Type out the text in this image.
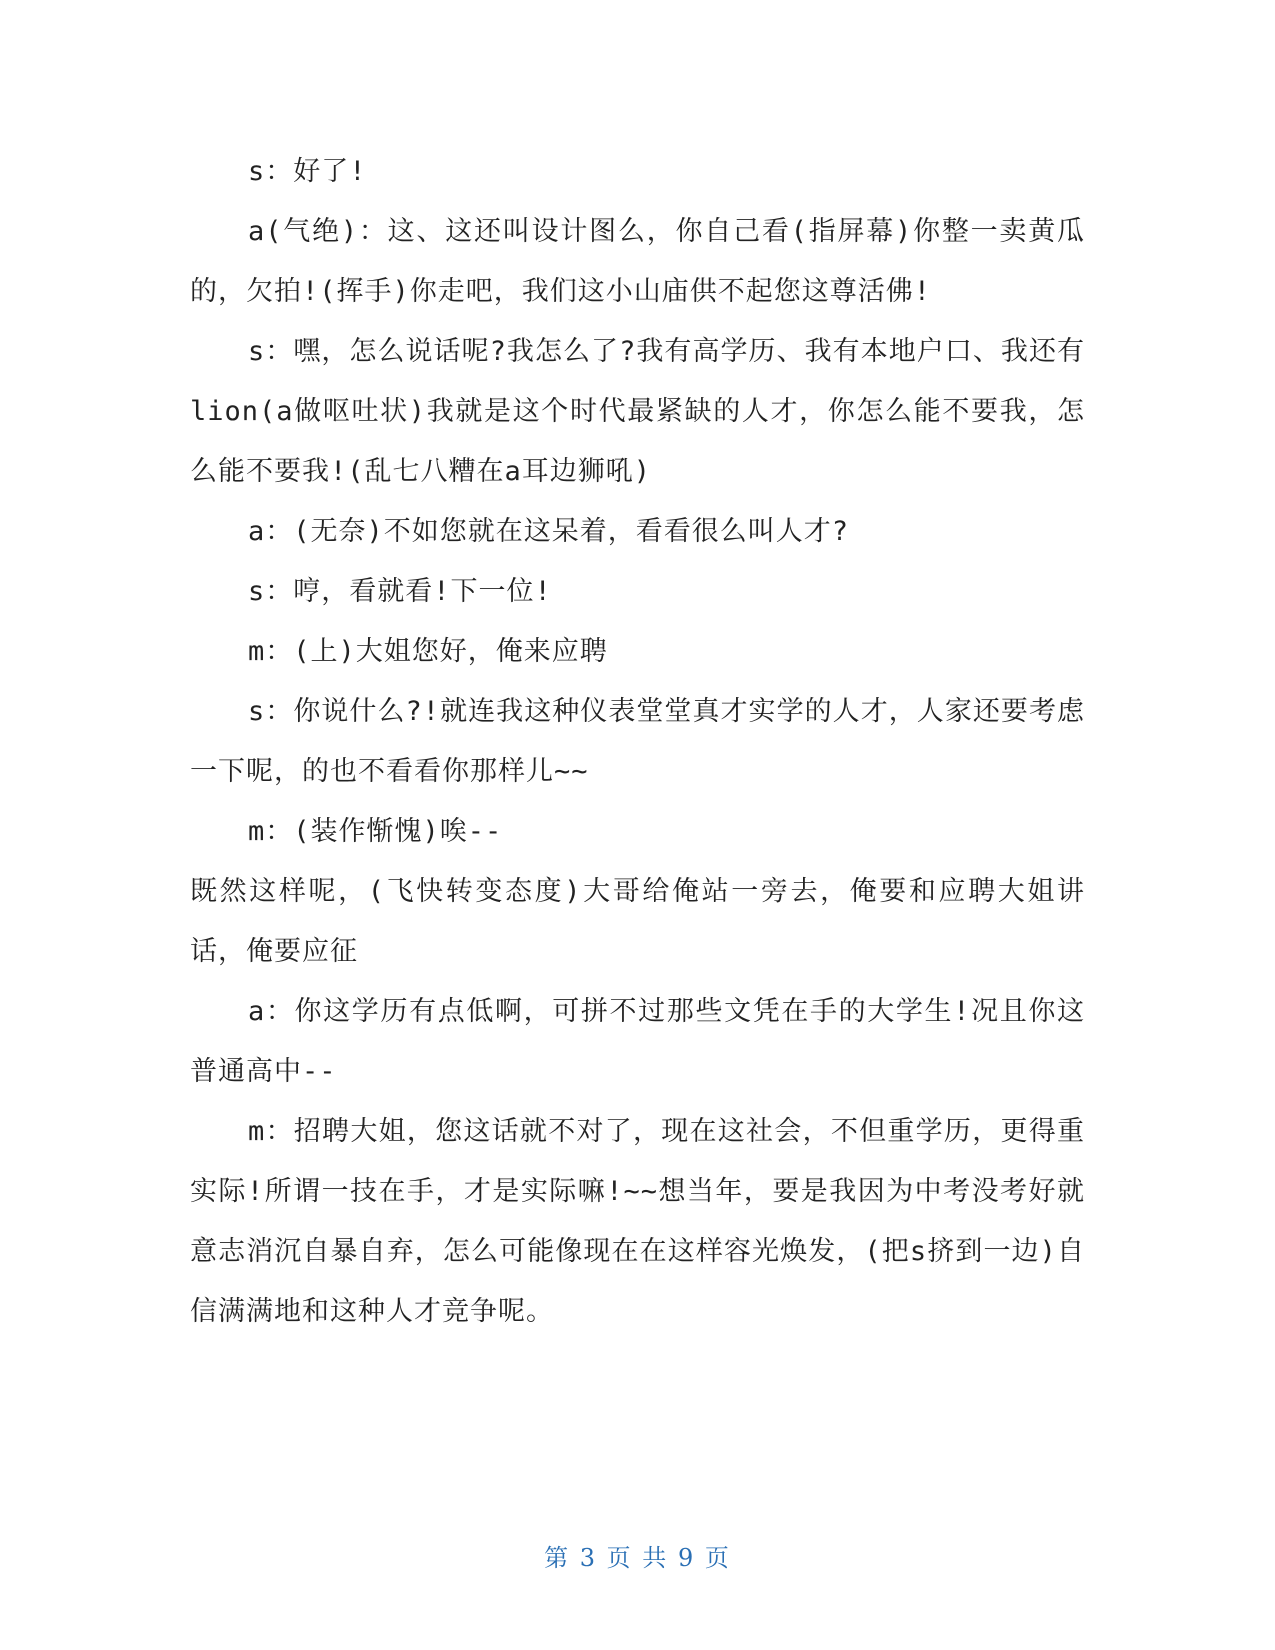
s：好了!

a(气绝)：这、这还叫设计图么，你自己看(指屏幕)你整一卖黄瓜的，欠拍!(挥手)你走吧，我们这小山庙供不起您这尊活佛!

s：嘿，怎么说话呢?我怎么了?我有高学历、我有本地户口、我还有lion(a做呕吐状)我就是这个时代最紧缺的人才，你怎么能不要我，怎么能不要我!(乱七八糟在a耳边狮吼)

a：(无奈)不如您就在这呆着，看看很么叫人才?

s：哼，看就看!下一位!

m：(上)大姐您好，俺来应聘

s：你说什么?!就连我这种仪表堂堂真才实学的人才，人家还要考虑一下呢，的也不看看你那样儿~~

m：(装作惭愧)唉--

既然这样呢，(飞快转变态度)大哥给俺站一旁去，俺要和应聘大姐讲话，俺要应征

a：你这学历有点低啊，可拼不过那些文凭在手的大学生!况且你这普通高中--

m：招聘大姐，您这话就不对了，现在这社会，不但重学历，更得重实际!所谓一技在手，才是实际嘛!~~想当年，要是我因为中考没考好就意志消沉自暴自弃，怎么可能像现在在这样容光焕发，(把s挤到一边)自信满满地和这种人才竞争呢。

第 3 页 共 9 页
